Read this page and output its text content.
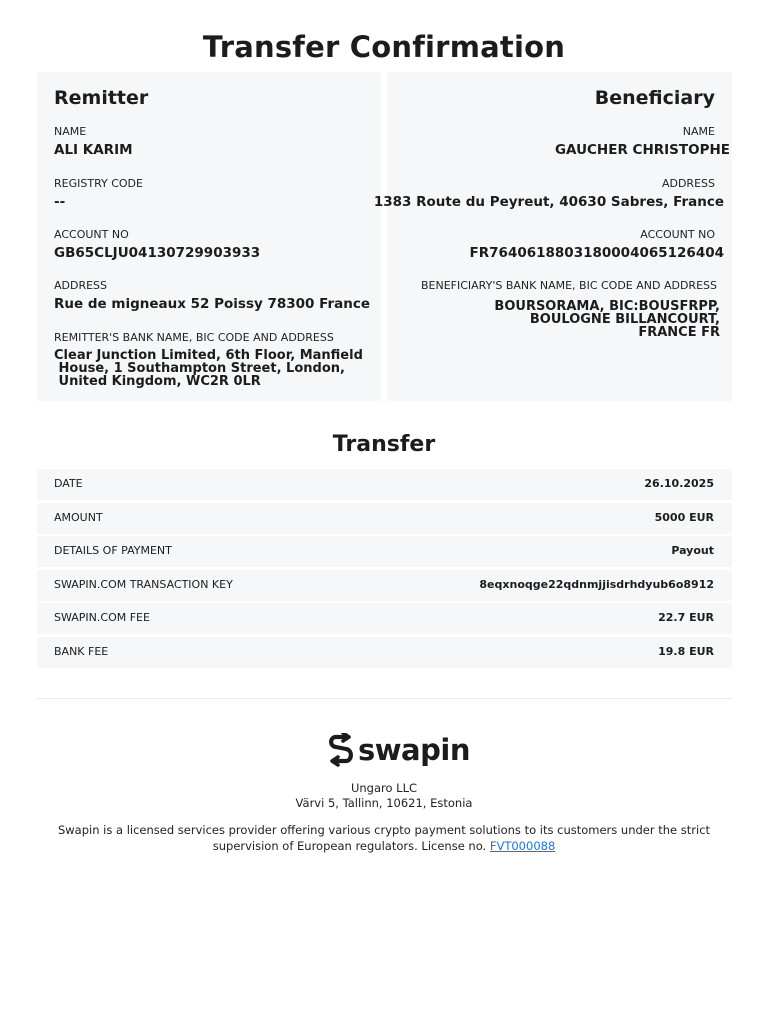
Transfer Confirmation
Remitter
NAME
ALI KARIM
REGISTRY CODE
--
ACCOUNT NO
GB65CLJU04130729903933
ADDRESS
Rue de migneaux 52 Poissy 78300 France
REMITTER'S BANK NAME, BIC CODE AND ADDRESS
Clear Junction Limited, 6th Floor, Manfield
House, 1 Southampton Street, London,
United Kingdom, WC2R 0LR
Beneficiary
NAME
GAUCHER CHRISTOPHE
ADDRESS
1383 Route du Peyreut, 40630 Sabres, France
ACCOUNT NO
FR7640618803180004065126404
BENEFICIARY'S BANK NAME, BIC CODE AND ADDRESS
BOURSORAMA, BIC:BOUSFRPP,
BOULOGNE BILLANCOURT,
FRANCE FR
Transfer
DATE	26.10.2025
AMOUNT	5000 EUR
DETAILS OF PAYMENT	Payout
SWAPIN.COM TRANSACTION KEY	8eqxnoqge22qdnmjjisdrhdyub6o8912
SWAPIN.COM FEE	22.7 EUR
BANK FEE	19.8 EUR
swapin
Ungaro LLC
Värvi 5, Tallinn, 10621, Estonia
Swapin is a licensed services provider offering various crypto payment solutions to its customers under the strict supervision of European regulators. License no. FVT000088
